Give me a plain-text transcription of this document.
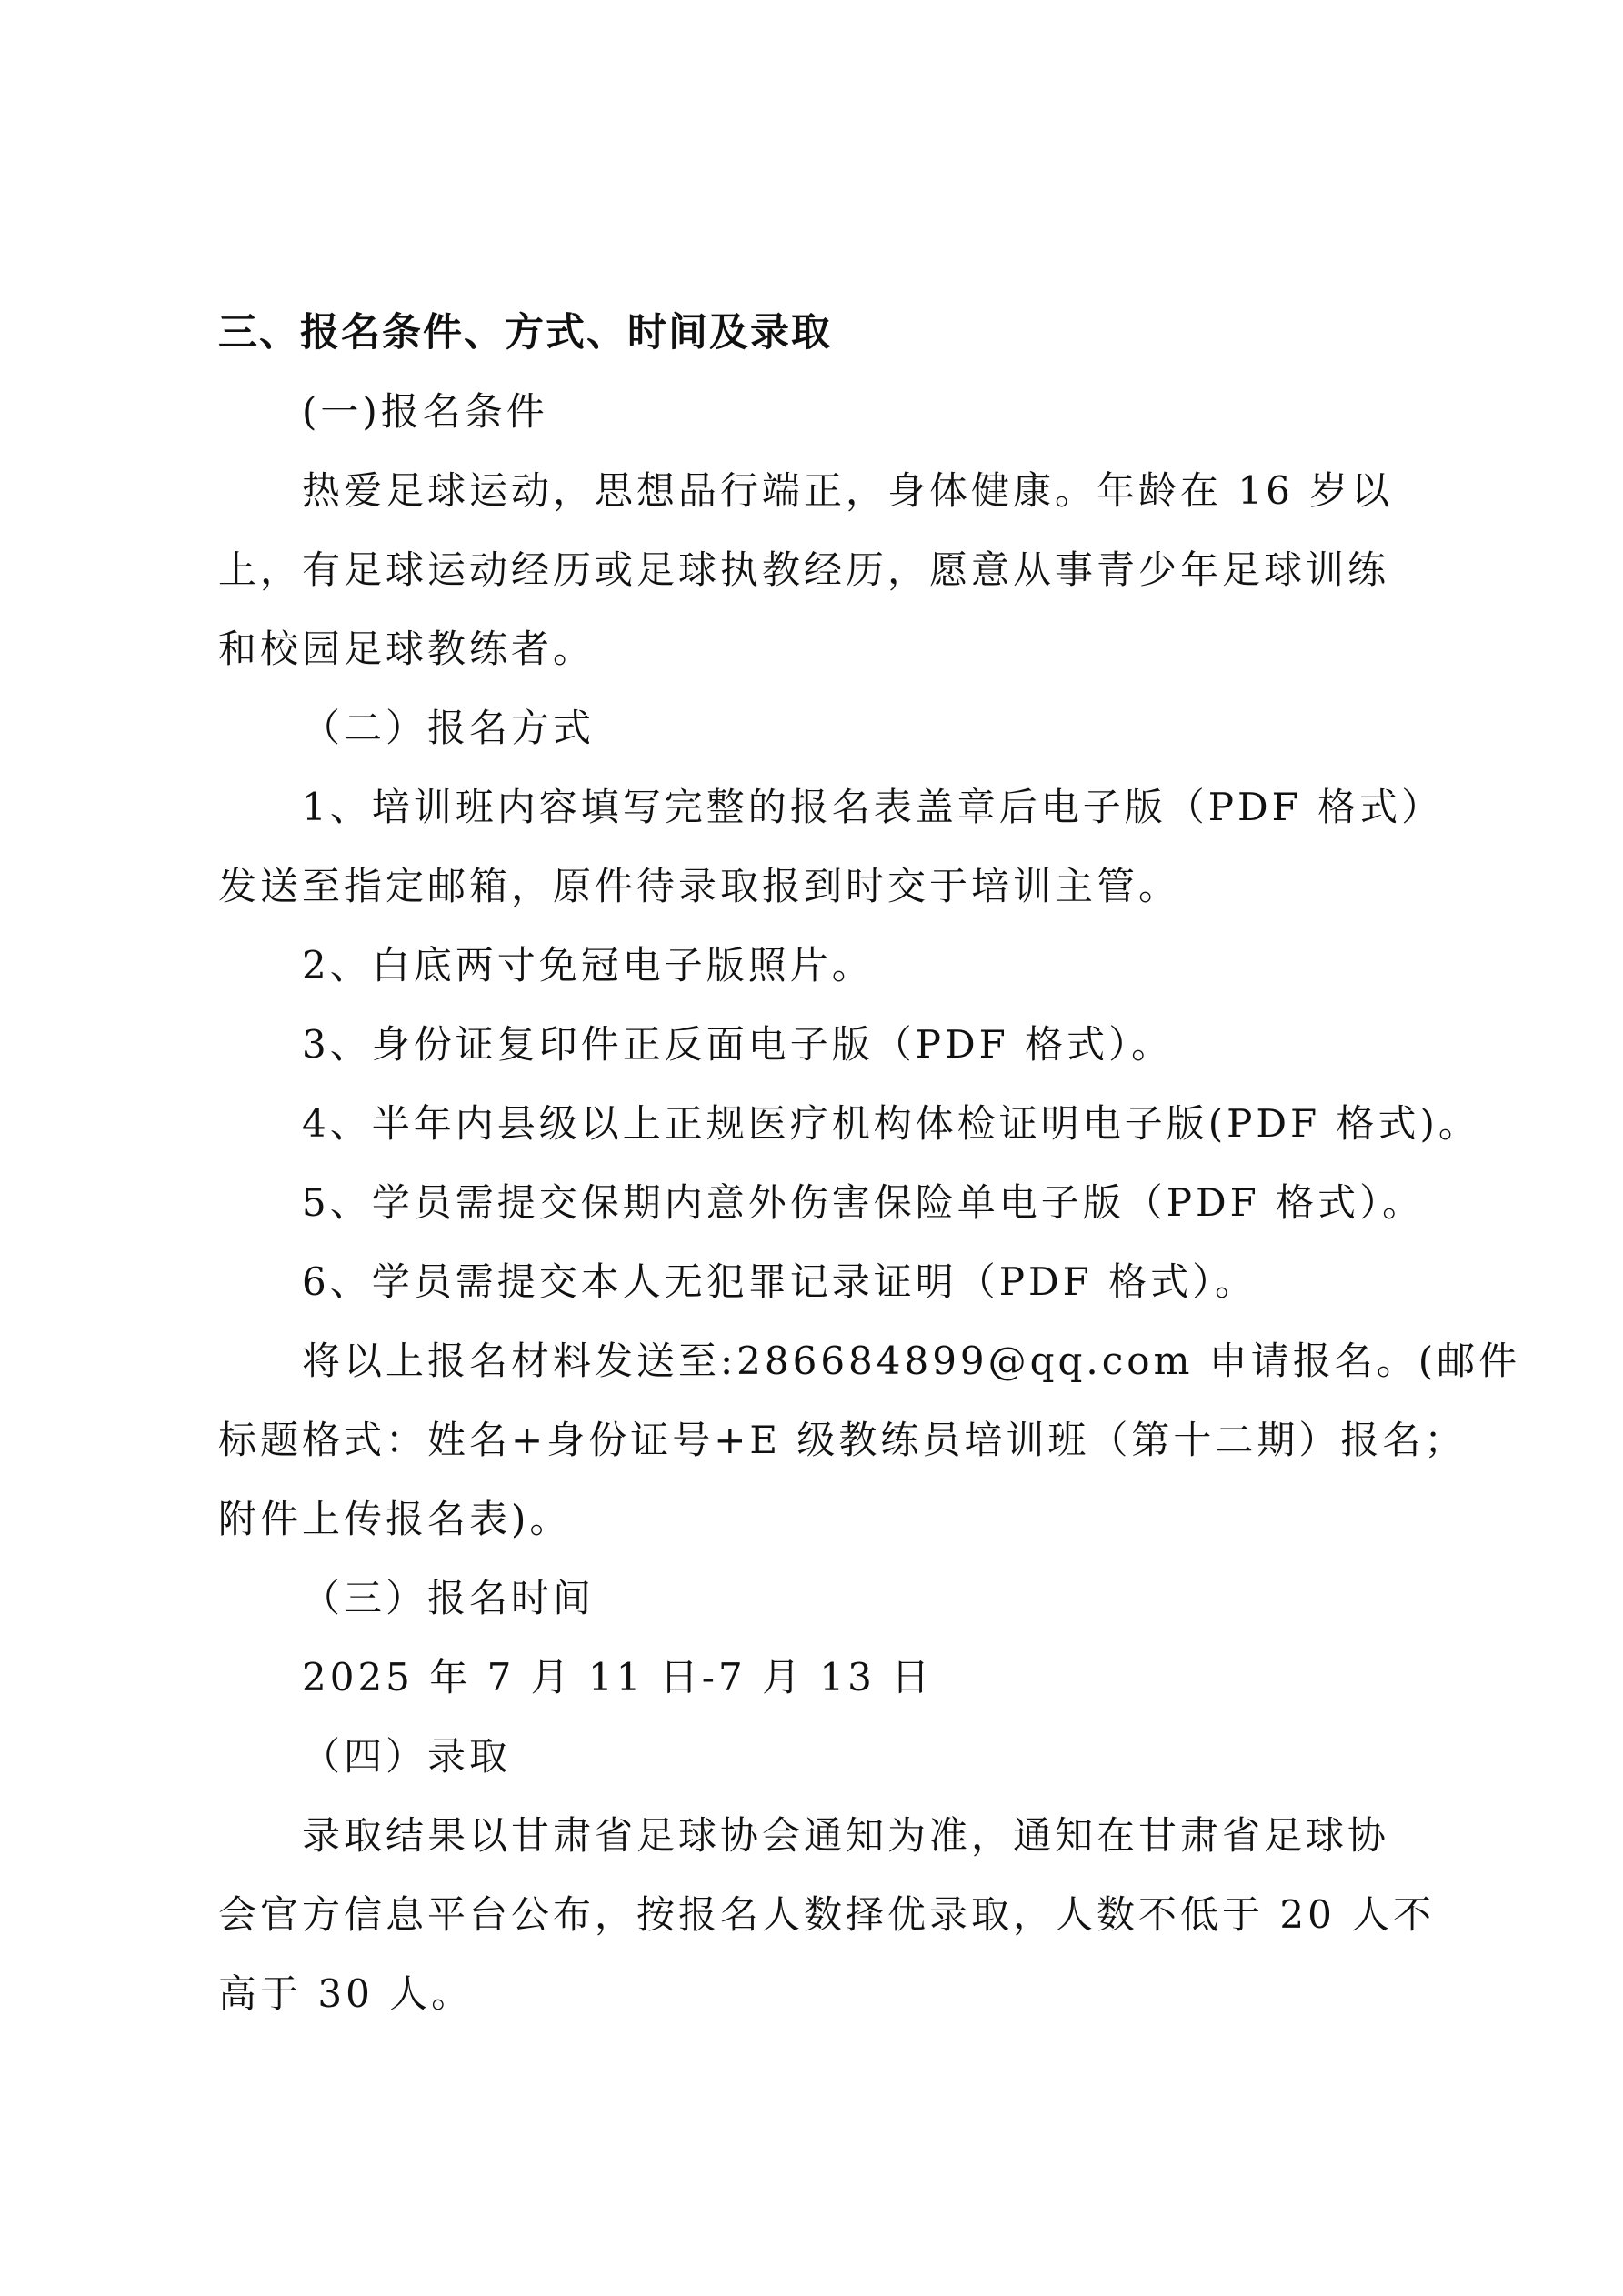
三、报名条件、方式、时间及录取
(一)报名条件
热爱足球运动，思想品行端正，身体健康。年龄在 16 岁以
上，有足球运动经历或足球执教经历，愿意从事青少年足球训练
和校园足球教练者。
（二）报名方式
1、培训班内容填写完整的报名表盖章后电子版（PDF 格式）
发送至指定邮箱，原件待录取报到时交于培训主管。
2、白底两寸免冠电子版照片。
3、身份证复印件正反面电子版（PDF 格式）。
4、半年内县级以上正规医疗机构体检证明电子版(PDF 格式)。
5、学员需提交保期内意外伤害保险单电子版（PDF 格式）。
6、学员需提交本人无犯罪记录证明（PDF 格式）。
将以上报名材料发送至:286684899@qq.com 申请报名。(邮件
标题格式：姓名+身份证号+E 级教练员培训班（第十二期）报名；
附件上传报名表)。
（三）报名时间
2025 年 7 月 11 日-7 月 13 日
（四）录取
录取结果以甘肃省足球协会通知为准，通知在甘肃省足球协
会官方信息平台公布，按报名人数择优录取，人数不低于 20 人不
高于 30 人。
